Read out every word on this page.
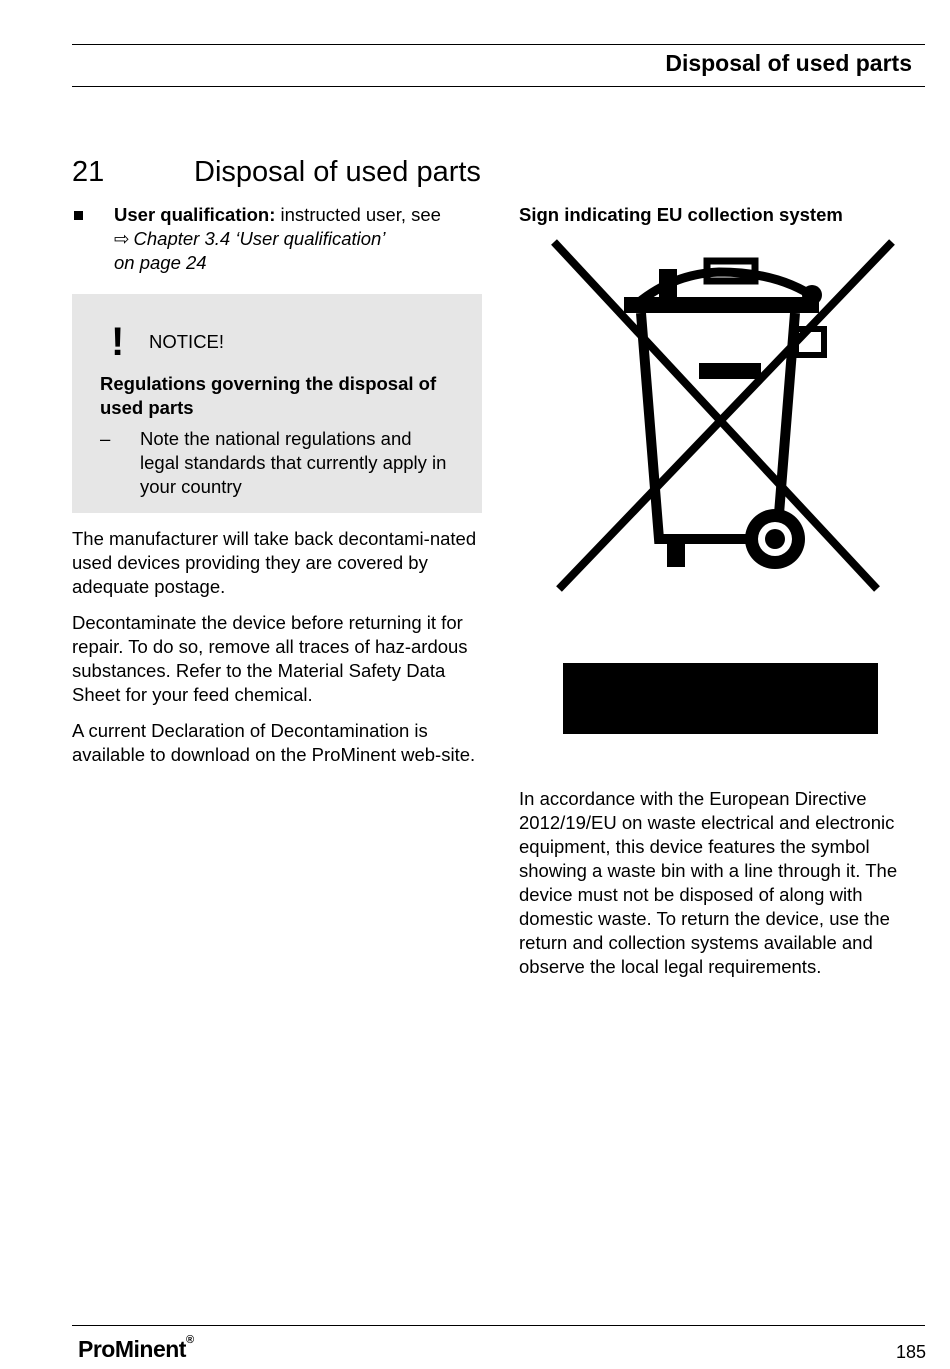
Disposal of used parts
21	Disposal of used parts
User qualification: instructed user, see
⇨ Chapter 3.4 ‘User qualification’
on page 24
!	NOTICE!
Regulations governing the disposal of used parts
– Note the national regulations and legal standards that currently apply in your country
The manufacturer will take back decontami-nated used devices providing they are covered by adequate postage.
Decontaminate the device before returning it for repair. To do so, remove all traces of haz-ardous substances. Refer to the Material Safety Data Sheet for your feed chemical.
A current Declaration of Decontamination is available to download on the ProMinent web-site.
Sign indicating EU collection system
In accordance with the European Directive 2012/19/EU on waste electrical and electronic equipment, this device features the symbol showing a waste bin with a line through it. The device must not be disposed of along with domestic waste. To return the device, use the return and collection systems available and observe the local legal requirements.
ProMinent®
185
